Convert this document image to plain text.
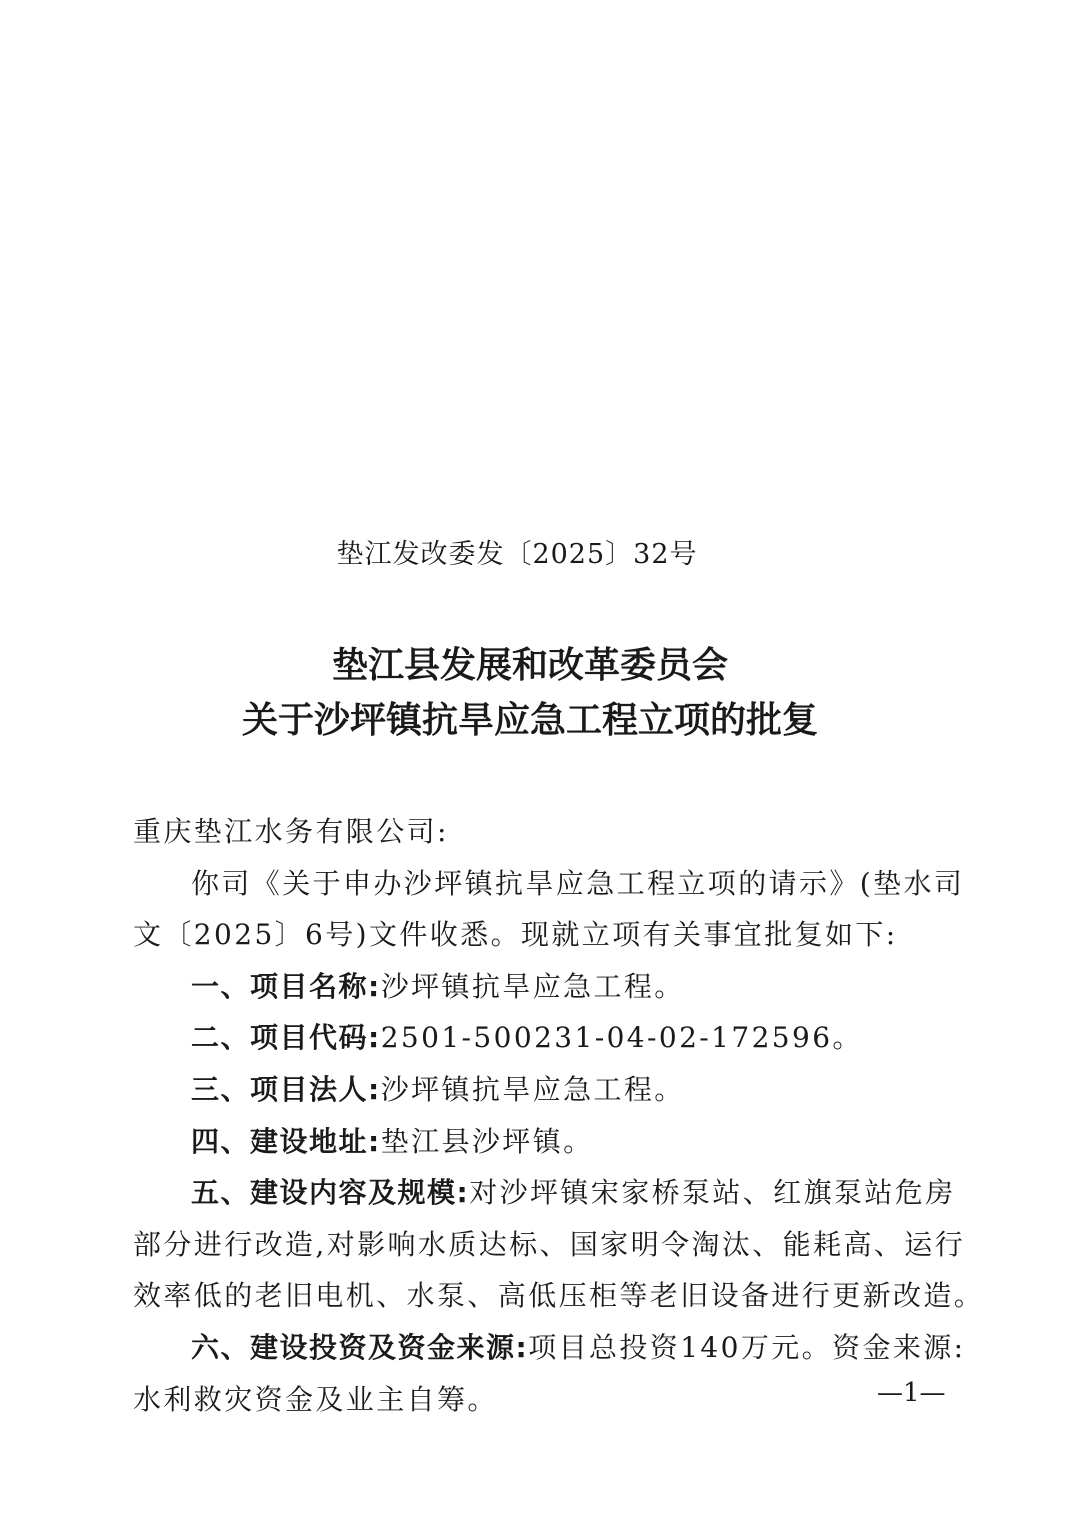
垫江发改委发〔2025〕32号
垫江县发展和改革委员会
关于沙坪镇抗旱应急工程立项的批复
重庆垫江水务有限公司:
你司《关于申办沙坪镇抗旱应急工程立项的请示》(垫水司
文〔2025〕6号)文件收悉。现就立项有关事宜批复如下:
一、项目名称:沙坪镇抗旱应急工程。
二、项目代码:2501-500231-04-02-172596。
三、项目法人:沙坪镇抗旱应急工程。
四、建设地址:垫江县沙坪镇。
五、建设内容及规模:对沙坪镇宋家桥泵站、红旗泵站危房
部分进行改造,对影响水质达标、国家明令淘汰、能耗高、运行
效率低的老旧电机、水泵、高低压柜等老旧设备进行更新改造。
六、建设投资及资金来源:项目总投资140万元。资金来源:
水利救灾资金及业主自筹。	—1—
